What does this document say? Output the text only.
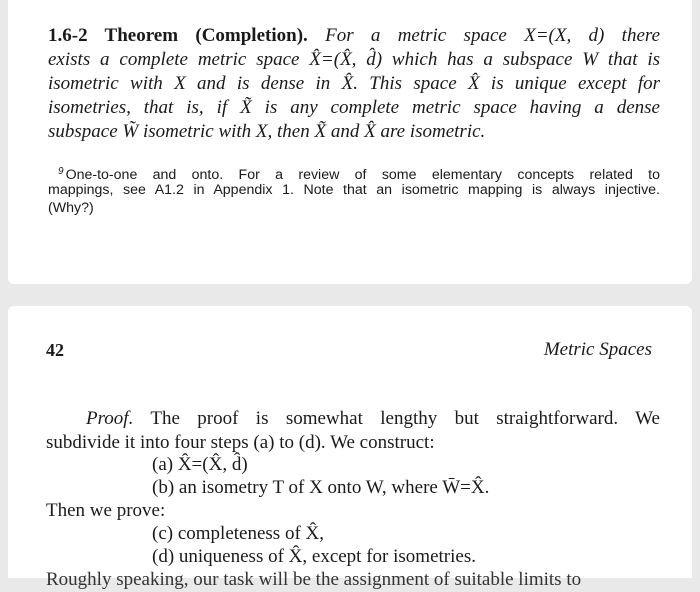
1.6-2 Theorem (Completion). For a metric space X=(X, d) there
exists a complete metric space X̂=(X̂, d̂) which has a subspace W that is
isometric with X and is dense in X̂. This space X̂ is unique except for
isometries, that is, if X̃ is any complete metric space having a dense
subspace W̃ isometric with X, then X̃ and X̂ are isometric.
$^9$ One-to-one and onto. For a review of some elementary concepts related to
mappings, see A1.2 in Appendix 1. Note that an isometric mapping is always injective.
(Why?)
42	Metric Spaces
Proof. The proof is somewhat lengthy but straightforward. We
subdivide it into four steps (a) to (d). We construct:
(a) X̂=(X̂, d̂)
(b) an isometry T of X onto W, where W̄=X̂.
Then we prove:
(c) completeness of X̂,
(d) uniqueness of X̂, except for isometries.
Roughly speaking, our task will be the assignment of suitable limits to
